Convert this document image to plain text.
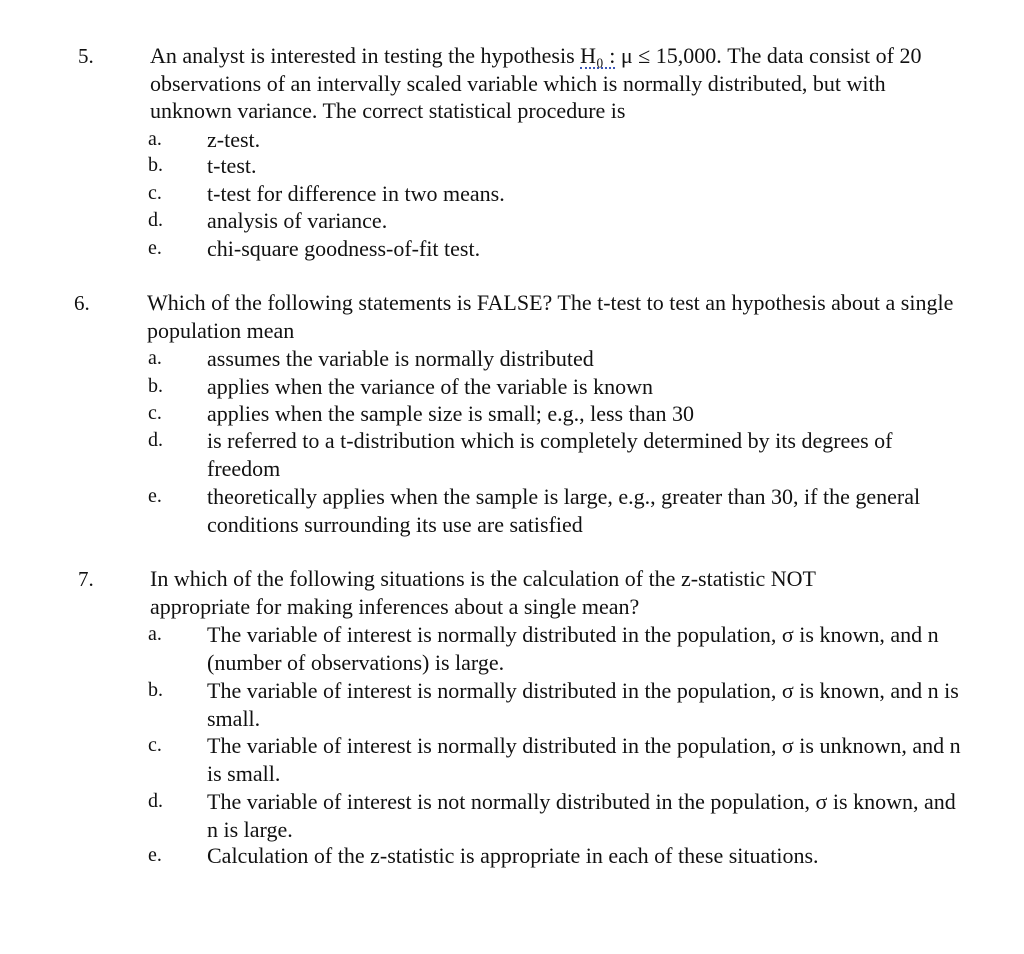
5.	An analyst is interested in testing the hypothesis H₀ : μ ≤ 15,000. The data consist of 20 observations of an intervally scaled variable which is normally distributed, but with unknown variance. The correct statistical procedure is

a. z-test.
b. t-test.
c. t-test for difference in two means.
d. analysis of variance.
e. chi-square goodness-of-fit test.
6.	Which of the following statements is FALSE? The t-test to test an hypothesis about a single population mean

a. assumes the variable is normally distributed
b. applies when the variance of the variable is known
c. applies when the sample size is small; e.g., less than 30
d. is referred to a t-distribution which is completely determined by its degrees of freedom
e. theoretically applies when the sample is large, e.g., greater than 30, if the general conditions surrounding its use are satisfied
7.	In which of the following situations is the calculation of the z-statistic NOT appropriate for making inferences about a single mean?

a. The variable of interest is normally distributed in the population, σ is known, and n (number of observations) is large.
b. The variable of interest is normally distributed in the population, σ is known, and n is small.
c. The variable of interest is normally distributed in the population, σ is unknown, and n is small.
d. The variable of interest is not normally distributed in the population, σ is known, and n is large.
e. Calculation of the z-statistic is appropriate in each of these situations.
